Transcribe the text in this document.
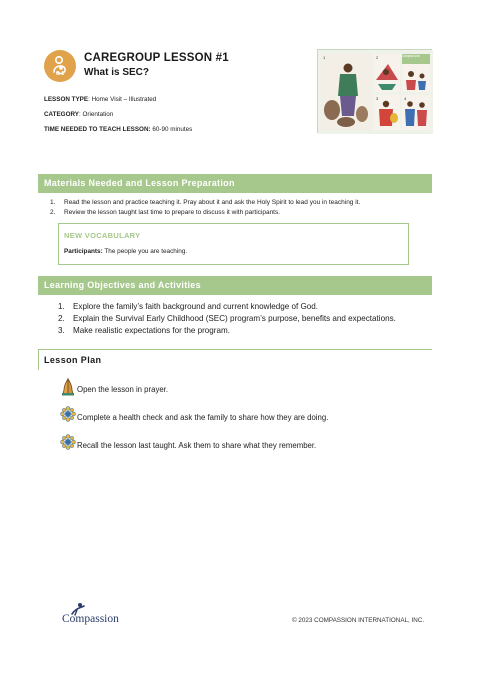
O-1
CAREGROUP LESSON #1
What is SEC?
LESSON TYPE: Home Visit – Illustrated
CATEGORY: Orientation
TIME NEEDED TO TEACH LESSON: 60-90 minutes
Compassion
1	2
3	4
Materials Needed and Lesson Preparation
1. Read the lesson and practice teaching it. Pray about it and ask the Holy Spirit to lead you in teaching it.
2. Review the lesson taught last time to prepare to discuss it with participants.
NEW VOCABULARY
Participants: The people you are teaching.
Learning Objectives and Activities
1. Explore the family’s faith background and current knowledge of God.
2. Explain the Survival Early Childhood (SEC) program’s purpose, benefits and expectations.
3. Make realistic expectations for the program.
Lesson Plan
Open the lesson in prayer.
Complete a health check and ask the family to share how they are doing.
Recall the lesson last taught. Ask them to share what they remember.
Compassion	© 2023 COMPASSION INTERNATIONAL, INC.
